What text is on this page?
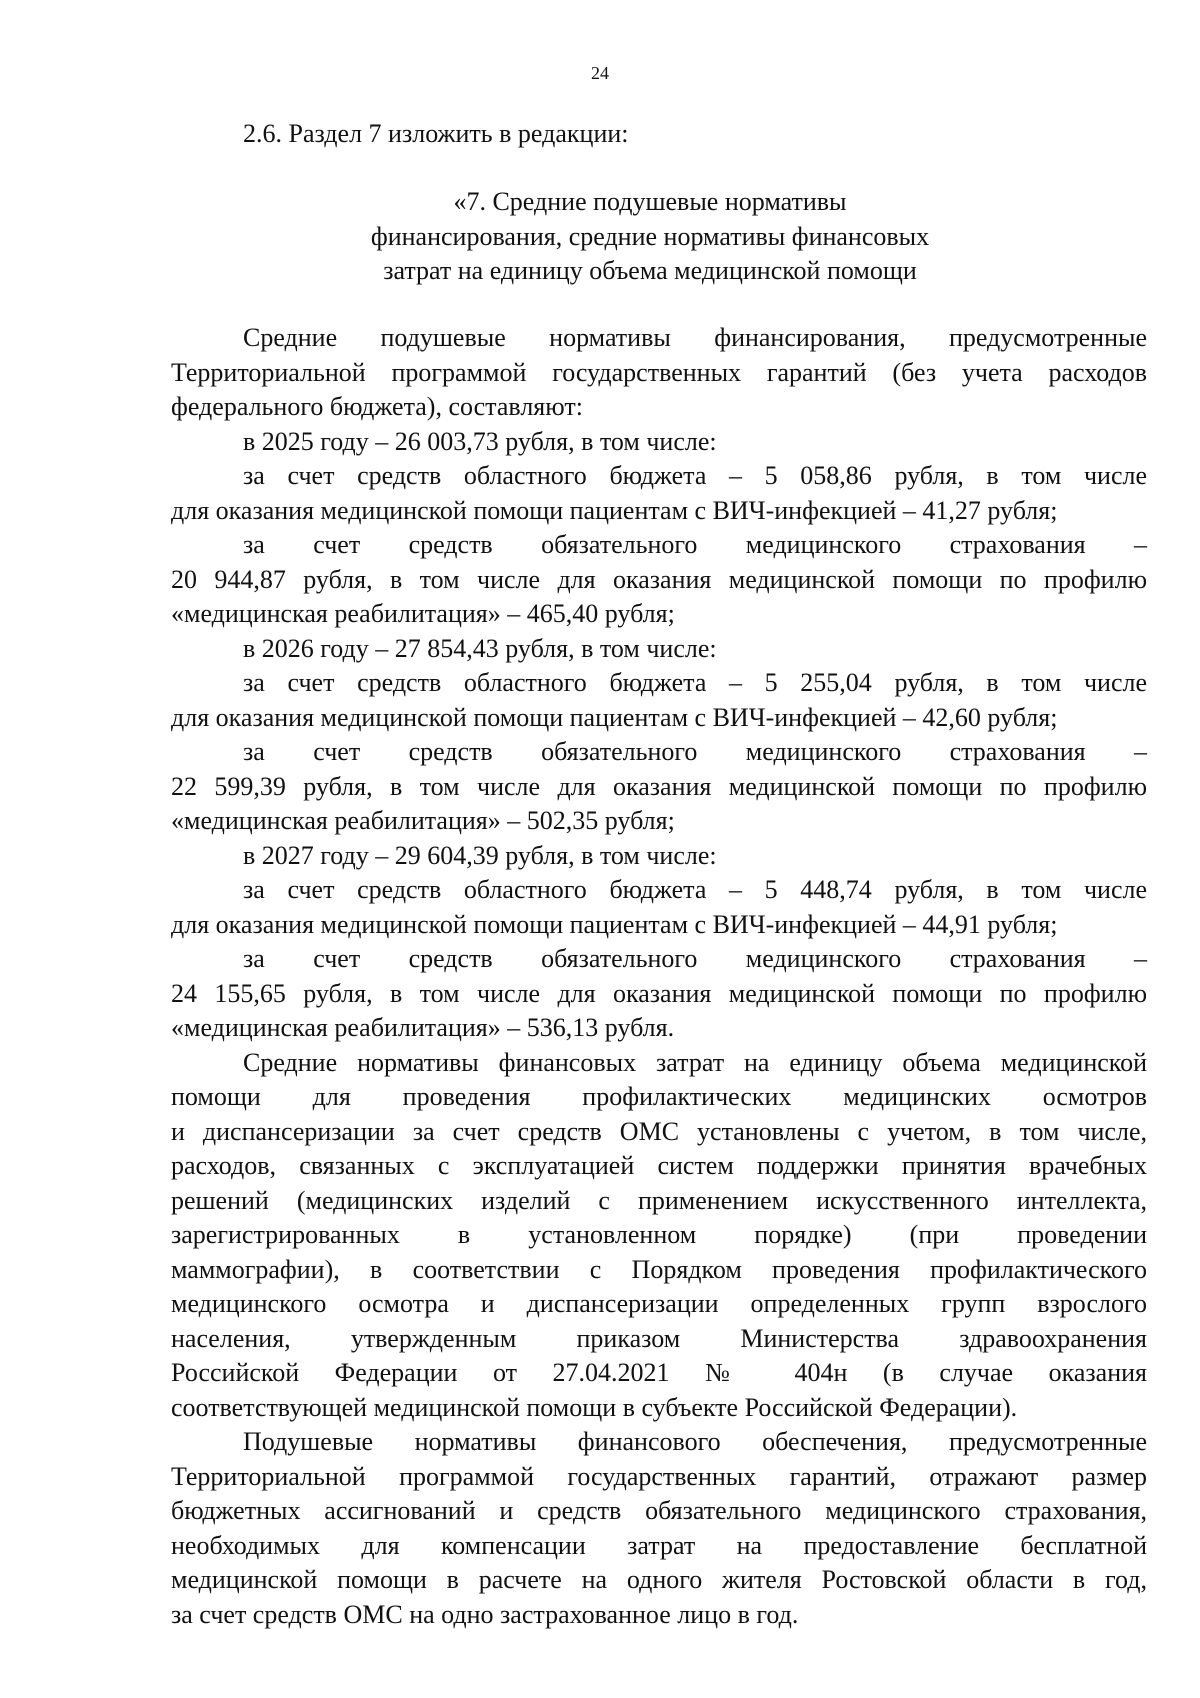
24

2.6. Раздел 7 изложить в редакции:

«7. Средние подушевые нормативы
финансирования, средние нормативы финансовых
затрат на единицу объема медицинской помощи
Средние подушевые нормативы финансирования, предусмотренные
Территориальной программой государственных гарантий (без учета расходов
федерального бюджета), составляют:
в 2025 году – 26 003,73 рубля, в том числе:
за счет средств областного бюджета – 5 058,86 рубля, в том числе
для оказания медицинской помощи пациентам с ВИЧ-инфекцией – 41,27 рубля;
за счет средств обязательного медицинского страхования –
20 944,87 рубля, в том числе для оказания медицинской помощи по профилю
«медицинская реабилитация» – 465,40 рубля;
в 2026 году – 27 854,43 рубля, в том числе:
за счет средств областного бюджета – 5 255,04 рубля, в том числе
для оказания медицинской помощи пациентам с ВИЧ-инфекцией – 42,60 рубля;
за счет средств обязательного медицинского страхования –
22 599,39 рубля, в том числе для оказания медицинской помощи по профилю
«медицинская реабилитация» – 502,35 рубля;
в 2027 году – 29 604,39 рубля, в том числе:
за счет средств областного бюджета – 5 448,74 рубля, в том числе
для оказания медицинской помощи пациентам с ВИЧ-инфекцией – 44,91 рубля;
за счет средств обязательного медицинского страхования –
24 155,65 рубля, в том числе для оказания медицинской помощи по профилю
«медицинская реабилитация» – 536,13 рубля.
Средние нормативы финансовых затрат на единицу объема медицинской
помощи для проведения профилактических медицинских осмотров
и диспансеризации за счет средств ОМС установлены с учетом, в том числе,
расходов, связанных с эксплуатацией систем поддержки принятия врачебных
решений (медицинских изделий с применением искусственного интеллекта,
зарегистрированных в установленном порядке) (при проведении
маммографии), в соответствии с Порядком проведения профилактического
медицинского осмотра и диспансеризации определенных групп взрослого
населения, утвержденным приказом Министерства здравоохранения
Российской Федерации от 27.04.2021 № 404н (в случае оказания
соответствующей медицинской помощи в субъекте Российской Федерации).
Подушевые нормативы финансового обеспечения, предусмотренные
Территориальной программой государственных гарантий, отражают размер
бюджетных ассигнований и средств обязательного медицинского страхования,
необходимых для компенсации затрат на предоставление бесплатной
медицинской помощи в расчете на одного жителя Ростовской области в год,
за счет средств ОМС на одно застрахованное лицо в год.
